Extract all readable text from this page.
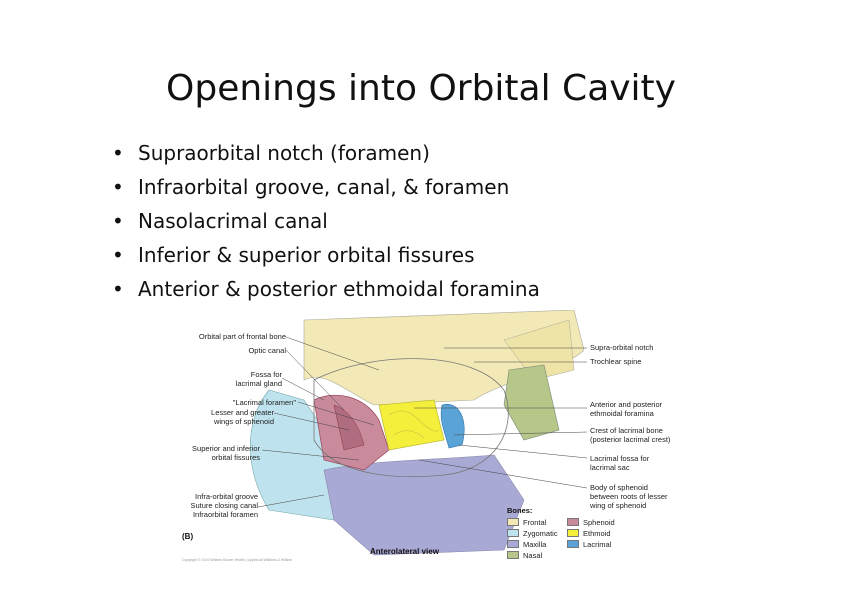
Openings into Orbital Cavity
• Supraorbital notch (foramen)
• Infraorbital groove, canal, & foramen
• Nasolacrimal canal
• Inferior & superior orbital fissures
• Anterior & posterior ethmoidal foramina
Orbital part of frontal bone
Optic canal
Fossa for
lacrimal gland
"Lacrimal foramen"
Lesser and greater
wings of sphenoid
Superior and inferior
orbital fissures
Infra-orbital groove
Suture closing canal
Infraorbital foramen
Supra-orbital notch
Trochlear spine
Anterior and posterior
ethmoidal foramina
Crest of lacrimal bone
(posterior lacrimal crest)
Lacrimal fossa for
lacrimal sac
Body of sphenoid
between roots of lesser
wing of sphenoid
(B)
Anterolateral view
Copyright © 2010 Wolters Kluwer Health | Lippincott Williams & Wilkins
Bones:
Frontal	Sphenoid
Zygomatic	Ethmoid
Maxilla	Lacrimal
Nasal
